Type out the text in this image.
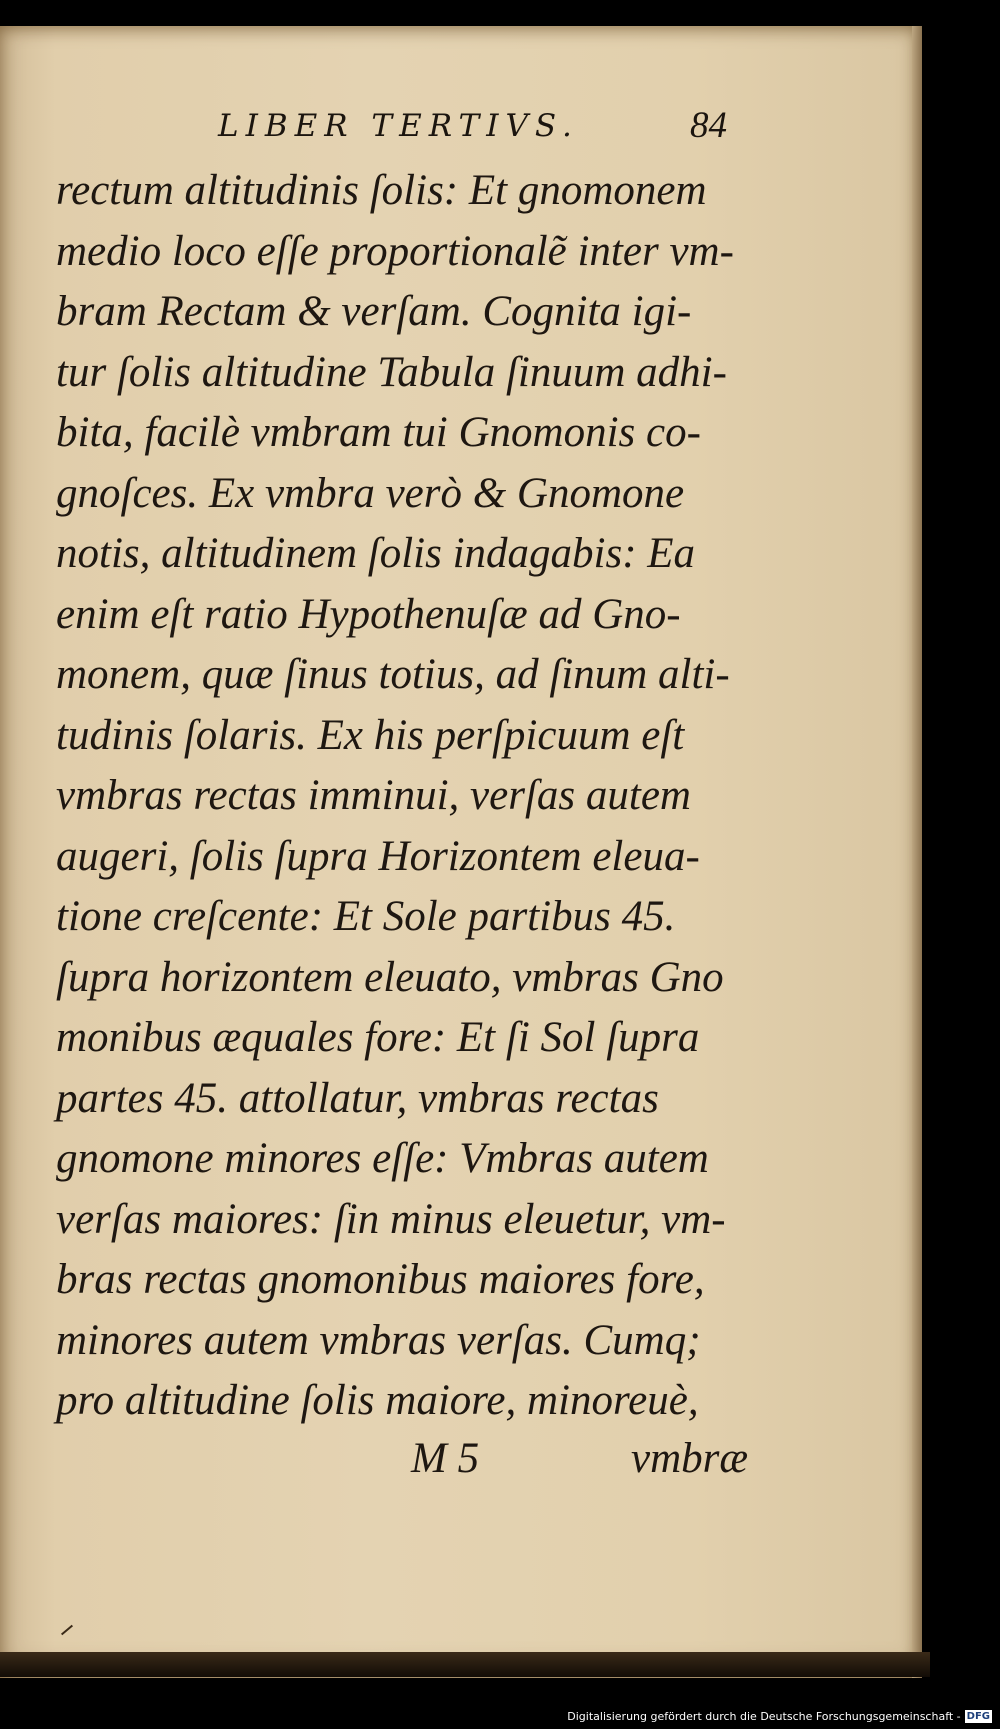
LIBER TERTIVS.	84
rectum altitudinis ſolis: Et gnomonem
medio loco eſſe proportionalẽ inter vm-
bram Rectam & verſam. Cognita igi-
tur ſolis altitudine Tabula ſinuum adhi-
bita, facilè vmbram tui Gnomonis co-
gnoſces. Ex vmbra verò & Gnomone
notis, altitudinem ſolis indagabis: Ea
enim eſt ratio Hypothenuſæ ad Gno-
monem, quæ ſinus totius, ad ſinum alti-
tudinis ſolaris. Ex his perſpicuum eſt
vmbras rectas imminui, verſas autem
augeri, ſolis ſupra Horizontem eleua-
tione creſcente: Et Sole partibus 45.
ſupra horizontem eleuato, vmbras Gno
monibus æquales fore: Et ſi Sol ſupra
partes 45. attollatur, vmbras rectas
gnomone minores eſſe: Vmbras autem
verſas maiores: ſin minus eleuetur, vm-
bras rectas gnomonibus maiores fore,
minores autem vmbras verſas. Cumq;
pro altitudine ſolis maiore, minoreuè,
M 5	vmbræ
Digitalisierung gefördert durch die Deutsche Forschungsgemeinschaft - DFG
